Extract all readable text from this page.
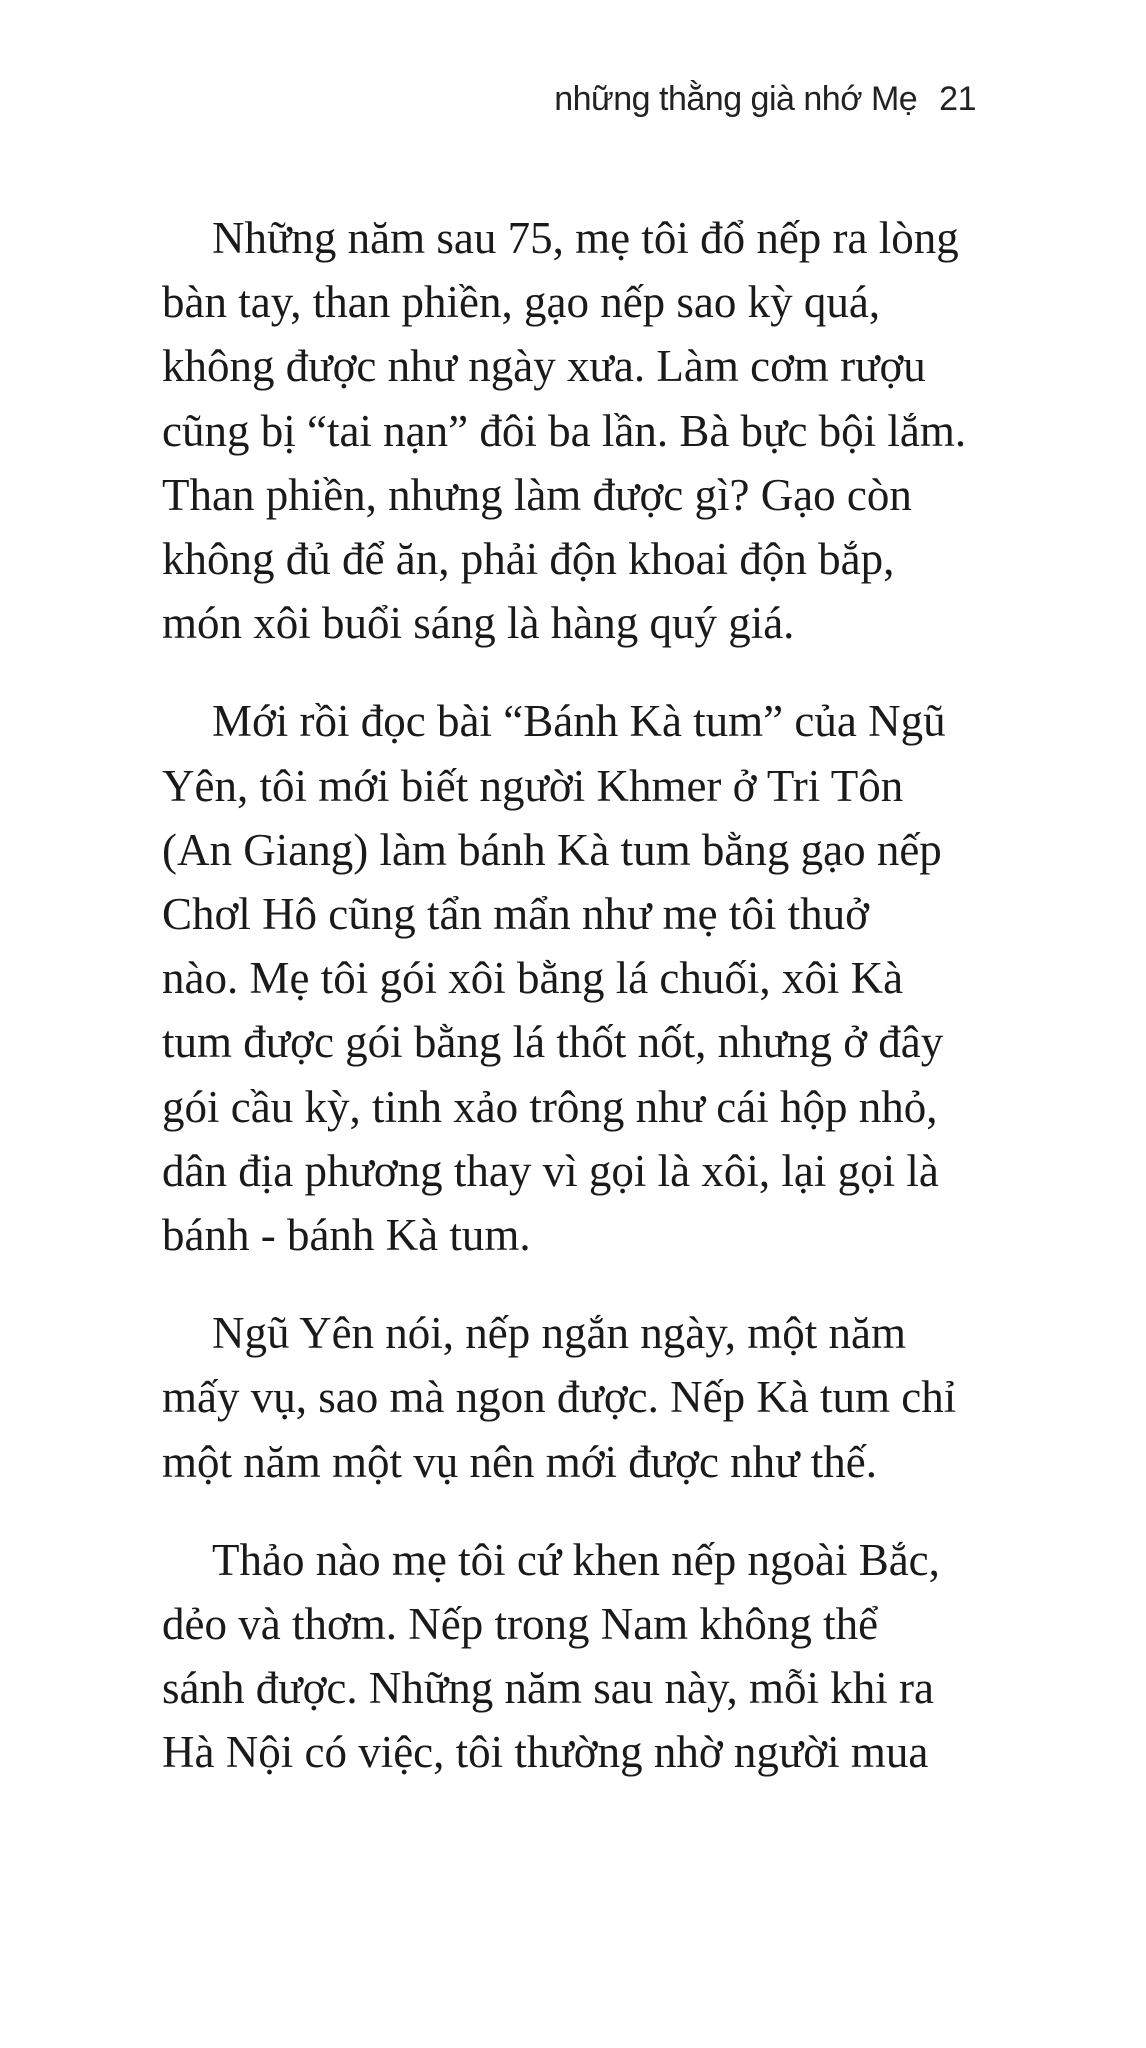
những thằng già nhớ Mẹ 21

Những năm sau 75, mẹ tôi đổ nếp ra lòng
bàn tay, than phiền, gạo nếp sao kỳ quá,
không được như ngày xưa. Làm cơm rượu
cũng bị “tai nạn” đôi ba lần. Bà bực bội lắm.
Than phiền, nhưng làm được gì? Gạo còn
không đủ để ăn, phải độn khoai độn bắp,
món xôi buổi sáng là hàng quý giá.

Mới rồi đọc bài “Bánh Kà tum” của Ngũ
Yên, tôi mới biết người Khmer ở Tri Tôn
(An Giang) làm bánh Kà tum bằng gạo nếp
Chơl Hô cũng tẩn mẩn như mẹ tôi thuở
nào. Mẹ tôi gói xôi bằng lá chuối, xôi Kà
tum được gói bằng lá thốt nốt, nhưng ở đây
gói cầu kỳ, tinh xảo trông như cái hộp nhỏ,
dân địa phương thay vì gọi là xôi, lại gọi là
bánh - bánh Kà tum.

Ngũ Yên nói, nếp ngắn ngày, một năm
mấy vụ, sao mà ngon được. Nếp Kà tum chỉ
một năm một vụ nên mới được như thế.

Thảo nào mẹ tôi cứ khen nếp ngoài Bắc,
dẻo và thơm. Nếp trong Nam không thể
sánh được. Những năm sau này, mỗi khi ra
Hà Nội có việc, tôi thường nhờ người mua
